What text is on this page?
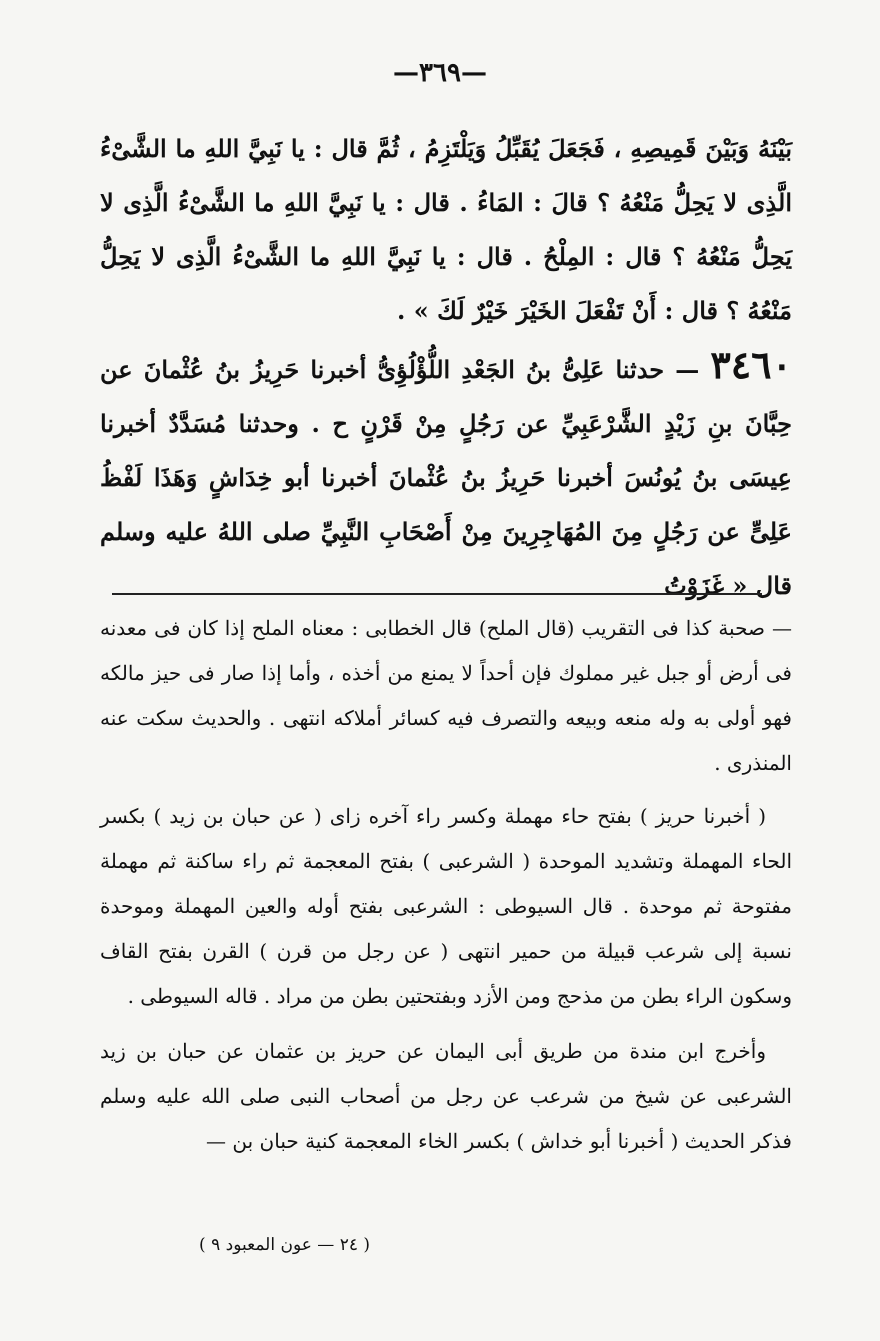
—٣٦٩—

بَيْنَهُ وَبَيْنَ قَمِيصِهِ ، فَجَعَلَ يُقَبِّلُ وَيَلْتَزِمُ ، ثُمَّ قال : يا نَبِيَّ اللهِ ما الشَّىْءُ الَّذِى لا يَحِلُّ مَنْعُهُ ؟ قالَ : المَاءُ . قال : يا نَبِيَّ اللهِ ما الشَّىْءُ الَّذِى لا يَحِلُّ مَنْعُهُ ؟ قال : المِلْحُ . قال : يا نَبِيَّ اللهِ ما الشَّىْءُ الَّذِى لا يَحِلُّ مَنْعُهُ ؟ قال : أَنْ تَفْعَلَ الخَيْرَ خَيْرٌ لَكَ » .

٣٤٦٠ — حدثنا عَلِىُّ بنُ الجَعْدِ اللُّؤْلُؤِىُّ أخبرنا حَرِيزُ بنُ عُثْمانَ عن حِبَّانَ بنِ زَيْدٍ الشَّرْعَبِيِّ عن رَجُلٍ مِنْ قَرْنٍ ح . وحدثنا مُسَدَّدٌ أخبرنا عِيسَى بنُ يُونُسَ أخبرنا حَرِيزُ بنُ عُثْمانَ أخبرنا أبو خِدَاشٍ وَهَذَا لَفْظُ عَلِىٍّ عن رَجُلٍ مِنَ المُهَاجِرِينَ مِنْ أَصْحَابِ النَّبِيِّ صلى اللهُ عليه وسلم قال « غَزَوْتُ

— صحبة كذا فى التقريب (قال الملح) قال الخطابى : معناه الملح إذا كان فى معدنه فى أرض أو جبل غير مملوك فإن أحداً لا يمنع من أخذه ، وأما إذا صار فى حيز مالكه فهو أولى به وله منعه وبيعه والتصرف فيه كسائر أملاكه انتهى . والحديث سكت عنه المنذرى .

( أخبرنا حريز ) بفتح حاء مهملة وكسر راء آخره زاى ( عن حبان بن زيد ) بكسر الحاء المهملة وتشديد الموحدة ( الشرعبى ) بفتح المعجمة ثم راء ساكنة ثم مهملة مفتوحة ثم موحدة . قال السيوطى : الشرعبى بفتح أوله والعين المهملة وموحدة نسبة إلى شرعب قبيلة من حمير انتهى ( عن رجل من قرن ) القرن بفتح القاف وسكون الراء بطن من مذحج ومن الأزد وبفتحتين بطن من مراد . قاله السيوطى .

وأخرج ابن مندة من طريق أبى اليمان عن حريز بن عثمان عن حبان بن زيد الشرعبى عن شيخ من شرعب عن رجل من أصحاب النبى صلى الله عليه وسلم فذكر الحديث ( أخبرنا أبو خداش ) بكسر الخاء المعجمة كنية حبان بن —

( ٢٤ — عون المعبود ٩ )
